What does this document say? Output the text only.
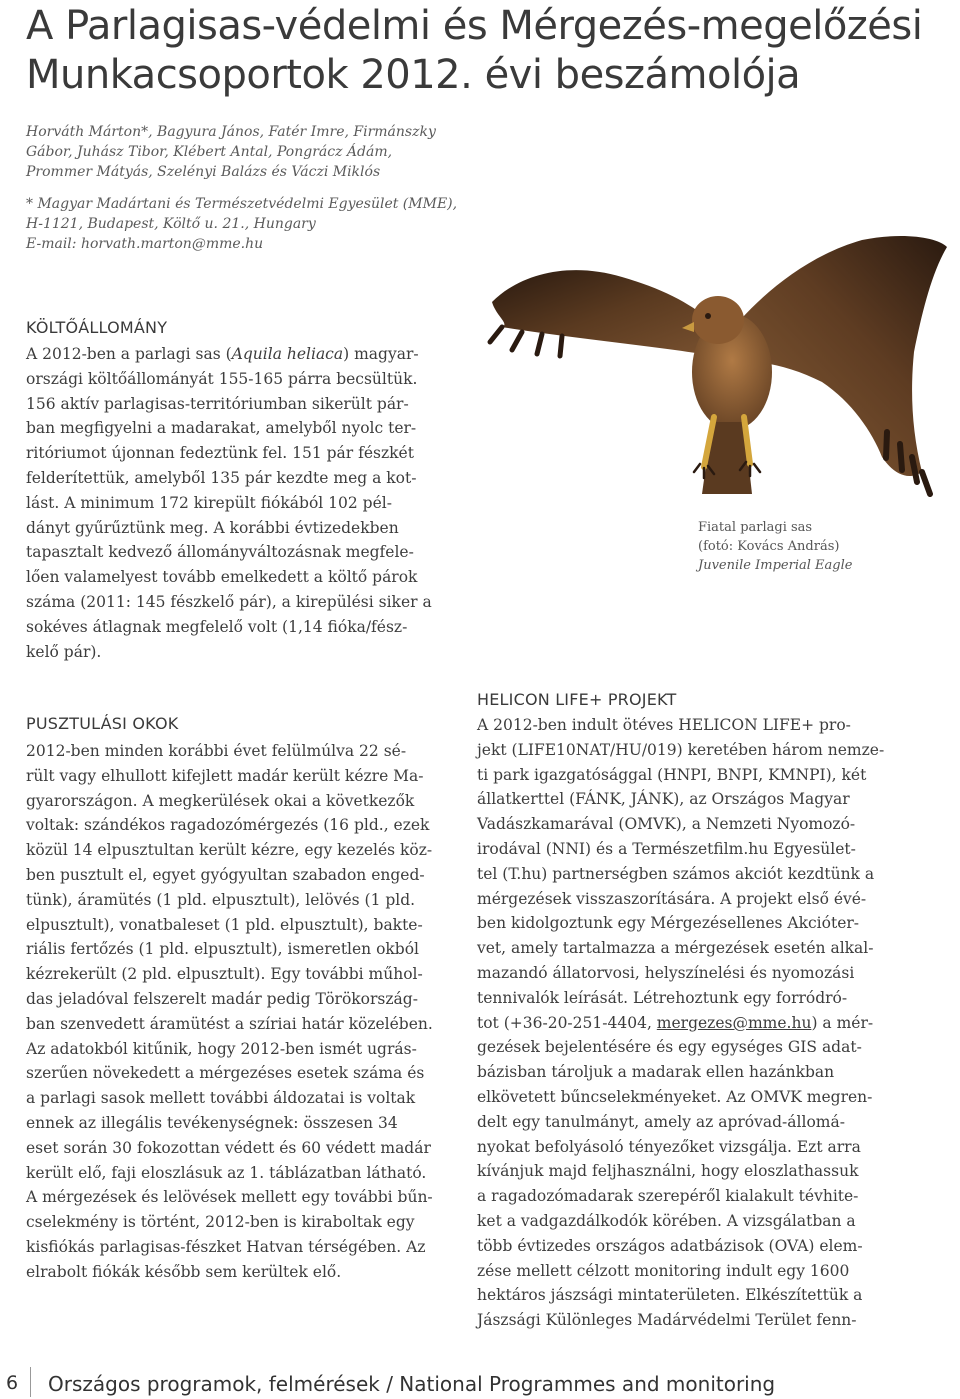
A Parlagisas-védelmi és Mérgezés-megelőzési
Munkacsoportok 2012. évi beszámolója
Horváth Márton*, Bagyura János, Fatér Imre, Firmánszky
Gábor, Juhász Tibor, Klébert Antal, Pongrácz Ádám,
Prommer Mátyás, Szelényi Balázs és Váczi Miklós
* Magyar Madártani és Természetvédelmi Egyesület (MME),
H-1121, Budapest, Költő u. 21., Hungary
E-mail: horvath.marton@mme.hu
KÖLTŐÁLLOMÁNY
A 2012-ben a parlagi sas (Aquila heliaca) magyar-
országi költőállományát 155-165 párra becsültük.
156 aktív parlagisas-territóriumban sikerült pár-
ban megfigyelni a madarakat, amelyből nyolc ter-
ritóriumot újonnan fedeztünk fel. 151 pár fészkét
felderítettük, amelyből 135 pár kezdte meg a kot-
lást. A minimum 172 kirepült fiókából 102 pél-
dányt gyűrűztünk meg. A korábbi évtizedekben
tapasztalt kedvező állományváltozásnak megfele-
lően valamelyest tovább emelkedett a költő párok
száma (2011: 145 fészkelő pár), a kirepülési siker a
sokéves átlagnak megfelelő volt (1,14 fióka/fész-
kelő pár).
Fiatal parlagi sas
(fotó: Kovács András)
Juvenile Imperial Eagle
PUSZTULÁSI OKOK
2012-ben minden korábbi évet felülmúlva 22 sé-
rült vagy elhullott kifejlett madár került kézre Ma-
gyarországon. A megkerülések okai a következők
voltak: szándékos ragadozómérgezés (16 pld., ezek
közül 14 elpusztultan került kézre, egy kezelés köz-
ben pusztult el, egyet gyógyultan szabadon enged-
tünk), áramütés (1 pld. elpusztult), lelövés (1 pld.
elpusztult), vonatbaleset (1 pld. elpusztult), bakte-
riális fertőzés (1 pld. elpusztult), ismeretlen okból
kézrekerült (2 pld. elpusztult). Egy további műhol-
das jeladóval felszerelt madár pedig Törökország-
ban szenvedett áramütést a szíriai határ közelében.
Az adatokból kitűnik, hogy 2012-ben ismét ugrás-
szerűen növekedett a mérgezéses esetek száma és
a parlagi sasok mellett további áldozatai is voltak
ennek az illegális tevékenységnek: összesen 34
eset során 30 fokozottan védett és 60 védett madár
került elő, faji eloszlásuk az 1. táblázatban látható.
A mérgezések és lelövések mellett egy további bűn-
cselekmény is történt, 2012-ben is kiraboltak egy
kisfiókás parlagisas-fészket Hatvan térségében. Az
elrabolt fiókák később sem kerültek elő.
HELICON LIFE+ PROJEKT
A 2012-ben indult ötéves HELICON LIFE+ pro-
jekt (LIFE10NAT/HU/019) keretében három nemze-
ti park igazgatósággal (HNPI, BNPI, KMNPI), két
állatkerttel (FÁNK, JÁNK), az Országos Magyar
Vadászkamarával (OMVK), a Nemzeti Nyomozó-
irodával (NNI) és a Természetfilm.hu Egyesület-
tel (T.hu) partnerségben számos akciót kezdtünk a
mérgezések visszaszorítására. A projekt első évé-
ben kidolgoztunk egy Mérgezésellenes Akcióter-
vet, amely tartalmazza a mérgezések esetén alkal-
mazandó állatorvosi, helyszínelési és nyomozási
tennivalók leírását. Létrehoztunk egy forródró-
tot (+36-20-251-4404, mergezes@mme.hu) a mér-
gezések bejelentésére és egy egységes GIS adat-
bázisban tároljuk a madarak ellen hazánkban
elkövetett bűncselekményeket. Az OMVK megren-
delt egy tanulmányt, amely az apróvad-állomá-
nyokat befolyásoló tényezőket vizsgálja. Ezt arra
kívánjuk majd feljhasználni, hogy eloszlathassuk
a ragadozómadarak szerepéről kialakult tévhite-
ket a vadgazdálkodók körében. A vizsgálatban a
több évtizedes országos adatbázisok (OVA) elem-
zése mellett célzott monitoring indult egy 1600
hektáros jászsági mintaterületen. Elkészítettük a
Jászsági Különleges Madárvédelmi Terület fenn-
6 Országos programok, felmérések / National Programmes and monitoring
